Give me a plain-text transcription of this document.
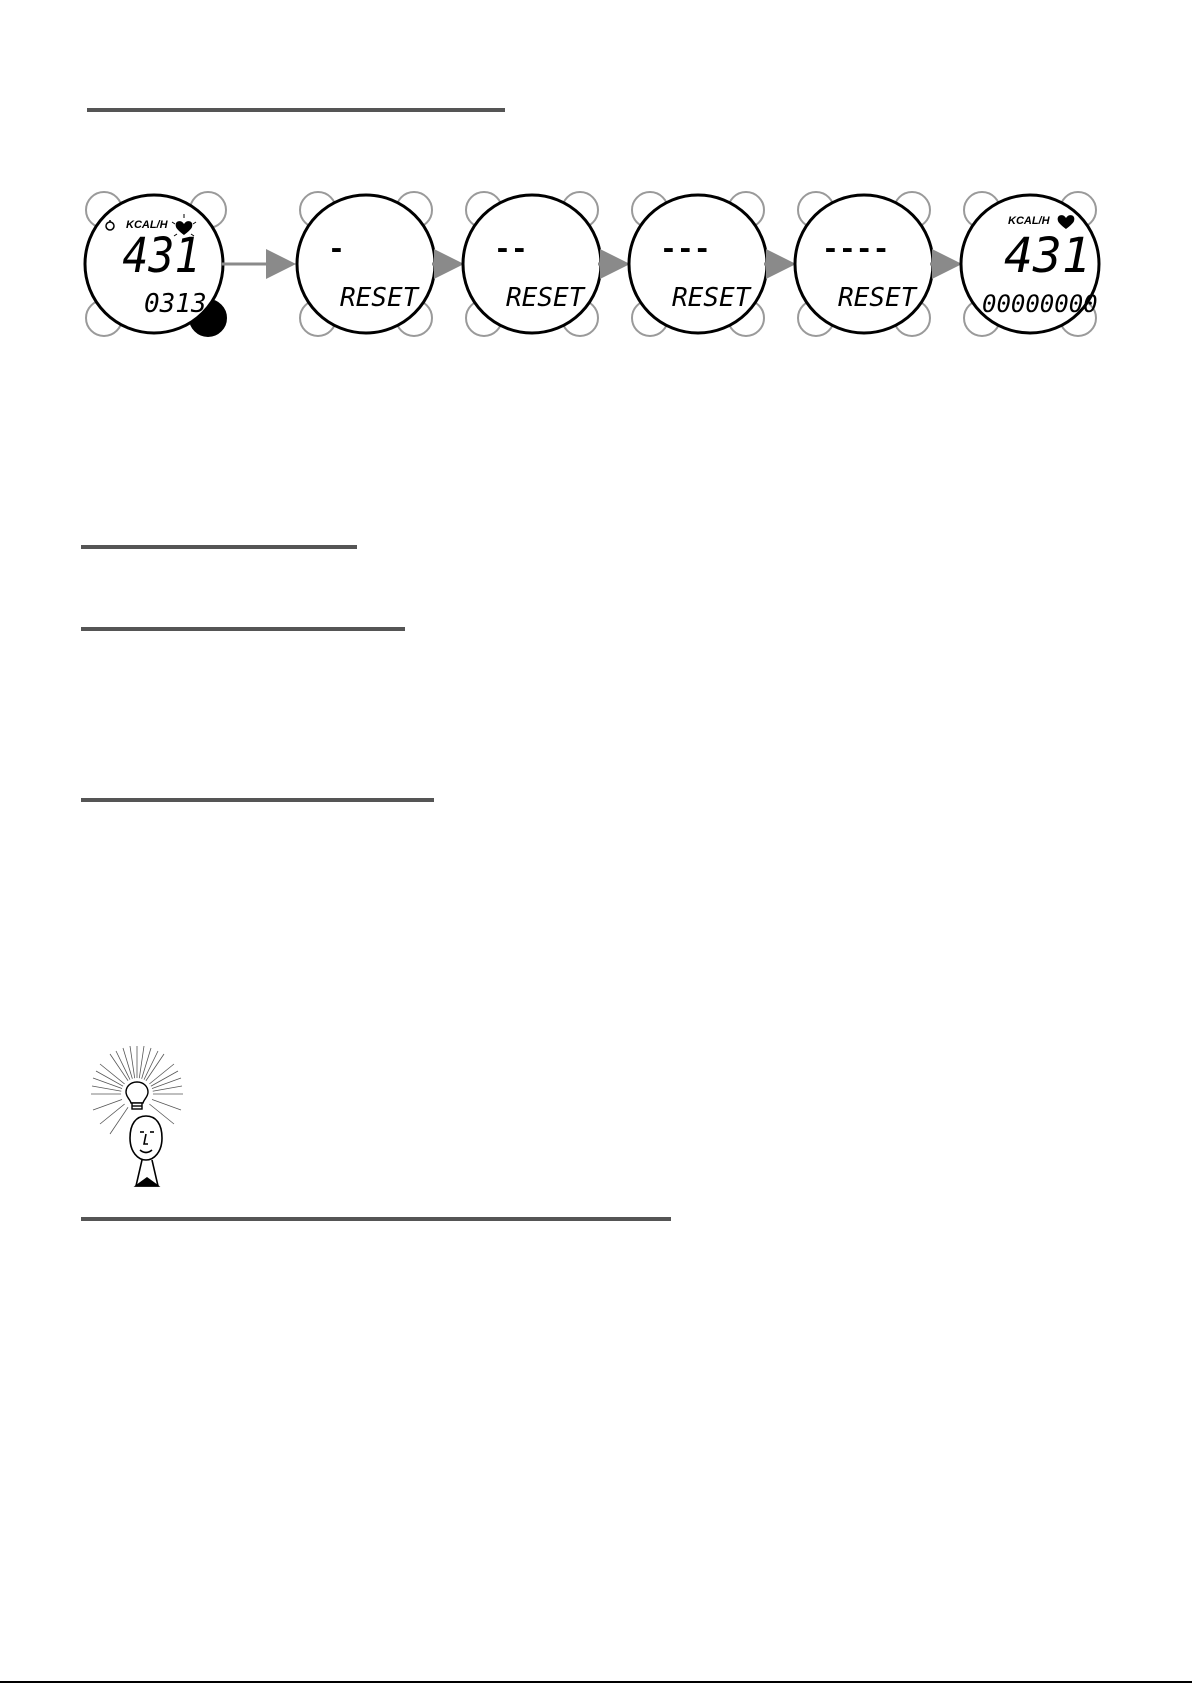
KCAL/H
431
0313
-
RESET
--
RESET
---
RESET
----
RESET
KCAL/H
431
00000000
